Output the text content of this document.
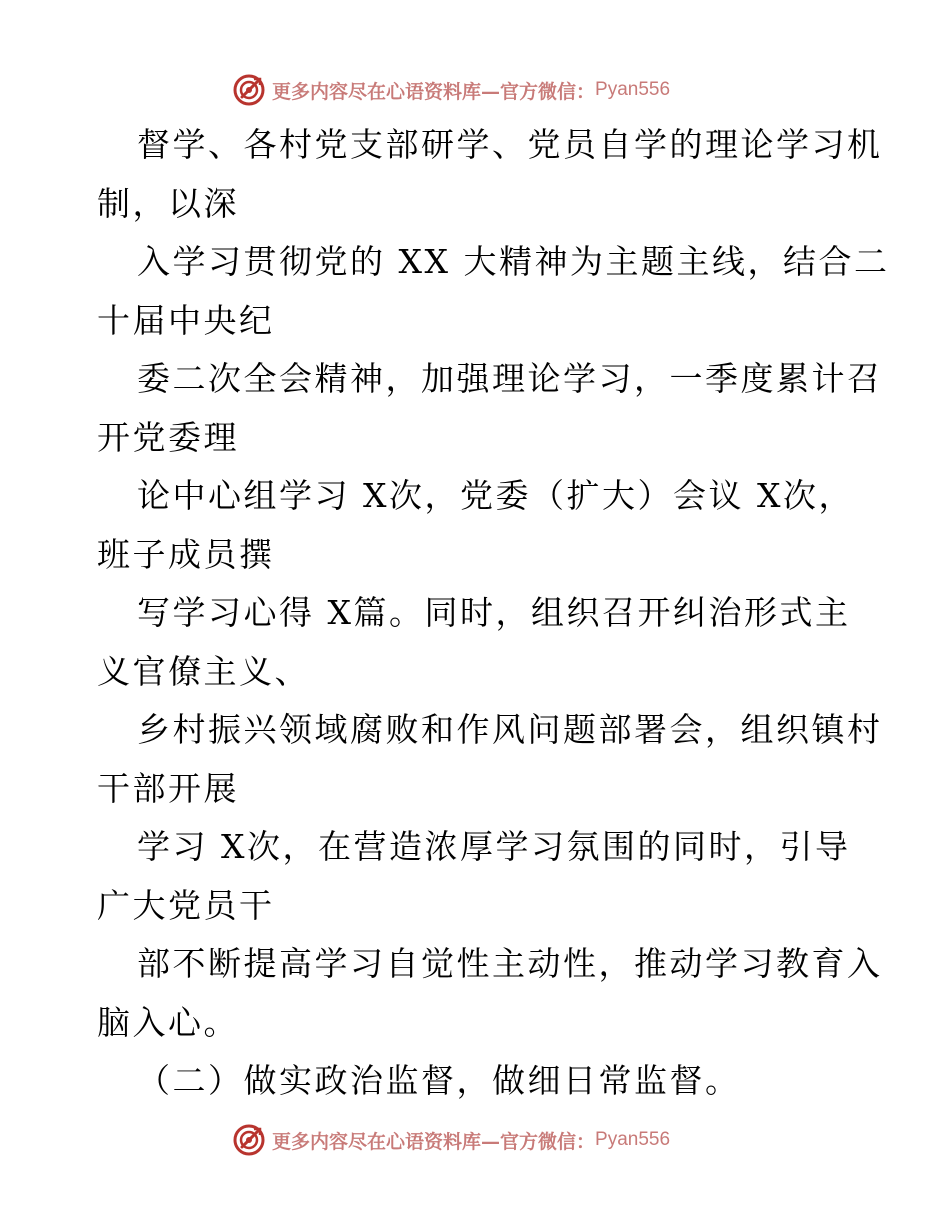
更多内容尽在心语资料库—官方微信： Pyan556
督学、各村党支部研学、党员自学的理论学习机
制，以深
入学习贯彻党的 XX 大精神为主题主线，结合二
十届中央纪
委二次全会精神，加强理论学习，一季度累计召
开党委理
论中心组学习 X次，党委（扩大）会议 X次，
班子成员撰
写学习心得 X篇。同时，组织召开纠治形式主
义官僚主义、
乡村振兴领域腐败和作风问题部署会，组织镇村
干部开展
学习 X次，在营造浓厚学习氛围的同时，引导
广大党员干
部不断提高学习自觉性主动性，推动学习教育入
脑入心。
（二）做实政治监督，做细日常监督。
更多内容尽在心语资料库—官方微信： Pyan556
